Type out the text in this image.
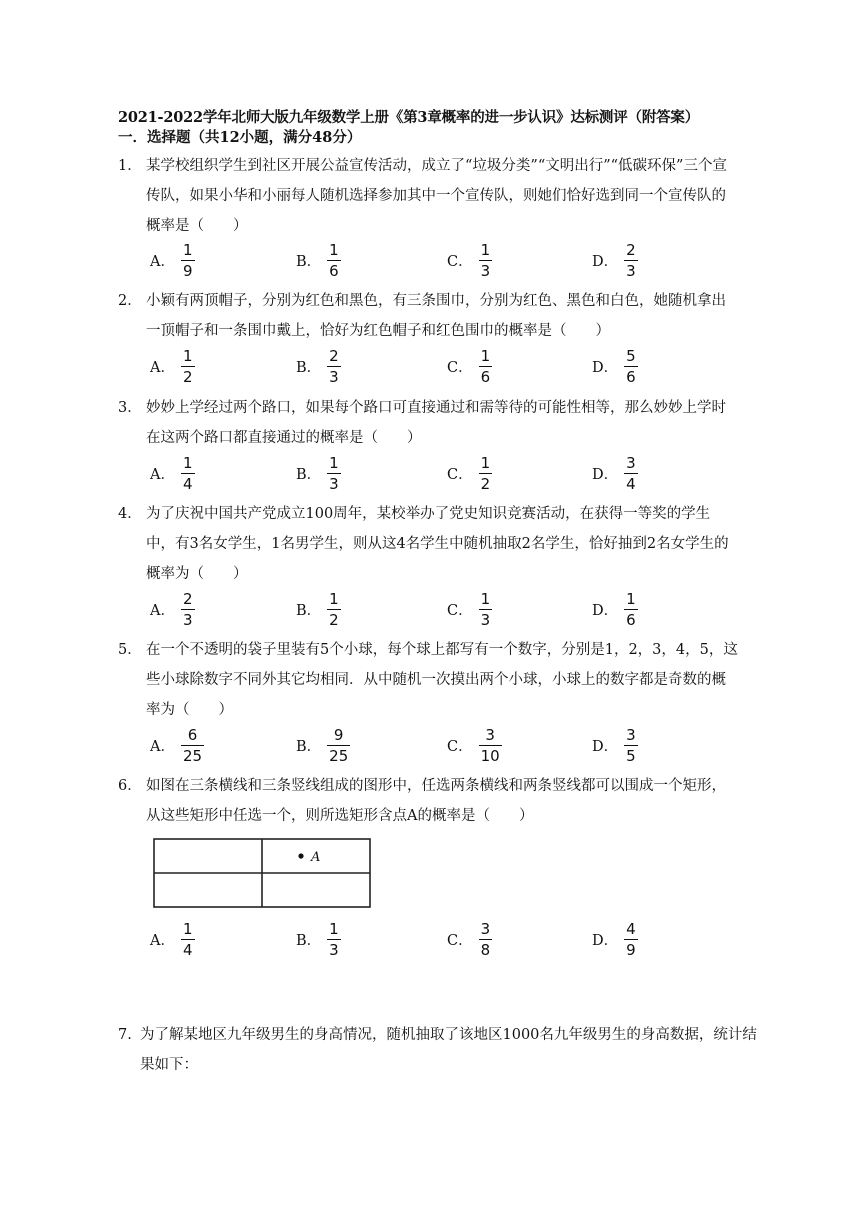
2021-2022学年北师大版九年级数学上册《第3章概率的进一步认识》达标测评（附答案）
一．选择题（共12小题，满分48分）
1． 某学校组织学生到社区开展公益宣传活动，成立了“垃圾分类”“文明出行”“低碳环保”三个宣传队，如果小华和小丽每人随机选择参加其中一个宣传队，则她们恰好选到同一个宣传队的概率是（　　）
A． $\frac{1}{9}$	B． $\frac{1}{6}$	C． $\frac{1}{3}$	D． $\frac{2}{3}$
2． 小颖有两顶帽子，分别为红色和黑色，有三条围巾，分别为红色、黑色和白色，她随机拿出一顶帽子和一条围巾戴上，恰好为红色帽子和红色围巾的概率是（　　）
A． $\frac{1}{2}$	B． $\frac{2}{3}$	C． $\frac{1}{6}$	D． $\frac{5}{6}$
3． 妙妙上学经过两个路口，如果每个路口可直接通过和需等待的可能性相等，那么妙妙上学时在这两个路口都直接通过的概率是（　　）
A． $\frac{1}{4}$	B． $\frac{1}{3}$	C． $\frac{1}{2}$	D． $\frac{3}{4}$
4． 为了庆祝中国共产党成立100周年，某校举办了党史知识竞赛活动，在获得一等奖的学生中，有3名女学生，1名男学生，则从这4名学生中随机抽取2名学生，恰好抽到2名女学生的概率为（　　）
A． $\frac{2}{3}$	B． $\frac{1}{2}$	C． $\frac{1}{3}$	D． $\frac{1}{6}$
5． 在一个不透明的袋子里装有5个小球，每个球上都写有一个数字，分别是1，2，3，4，5，这些小球除数字不同外其它均相同．从中随机一次摸出两个小球，小球上的数字都是奇数的概率为（　　）
A． $\frac{6}{25}$	B． $\frac{9}{25}$	C． $\frac{3}{10}$	D． $\frac{3}{5}$
6． 如图在三条横线和三条竖线组成的图形中，任选两条横线和两条竖线都可以围成一个矩形，从这些矩形中任选一个，则所选矩形含点A的概率是（　　）
A
A． $\frac{1}{4}$	B． $\frac{1}{3}$	C． $\frac{3}{8}$	D． $\frac{4}{9}$
7. 为了解某地区九年级男生的身高情况，随机抽取了该地区1000名九年级男生的身高数据，统计结果如下：
